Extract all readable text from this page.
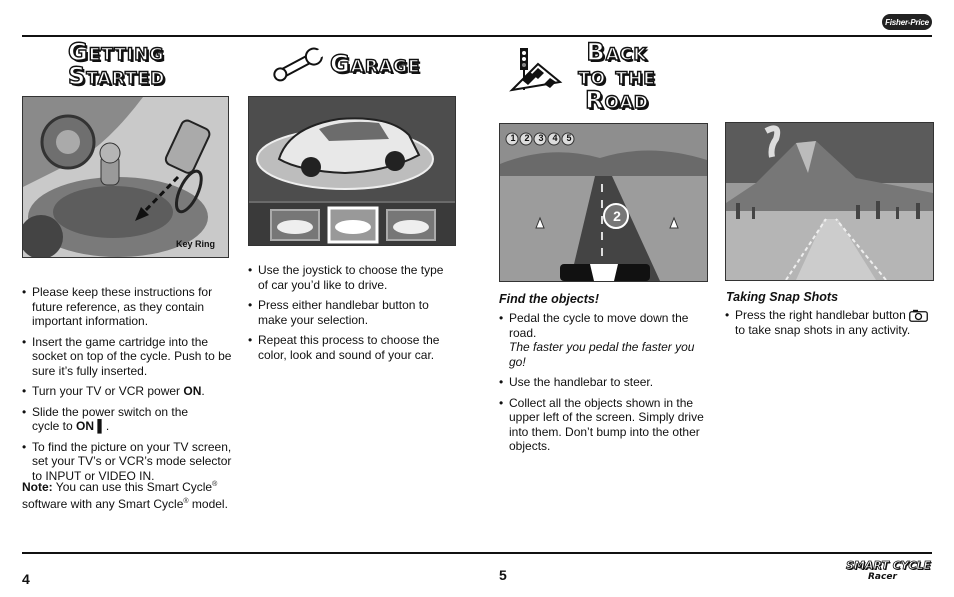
Fisher-Price
Getting
Started	Garage	Back
to the
Road
Key Ring
1 2 3 4 5
2
• Please keep these instructions for future reference, as they contain important information.
• Insert the game cartridge into the socket on top of the cycle. Push to be sure it’s fully inserted.
• Turn your TV or VCR power ON.
• Slide the power switch on the cycle to ON ▌.
• To find the picture on your TV screen, set your TV’s or VCR’s mode selector to INPUT or VIDEO IN.
Note: You can use this Smart Cycle® software with any Smart Cycle® model.
• Use the joystick to choose the type of car you’d like to drive.
• Press either handlebar button to make your selection.
• Repeat this process to choose the color, look and sound of your car.
Find the objects!
• Pedal the cycle to move down the road.
The faster you pedal the faster you go!
• Use the handlebar to steer.
• Collect all the objects shown in the upper left of the screen. Simply drive into them. Don’t bump into the other objects.
Taking Snap Shots
• Press the right handlebar button  to take snap shots in any activity.
4	5
SMART CYCLE
Racer
